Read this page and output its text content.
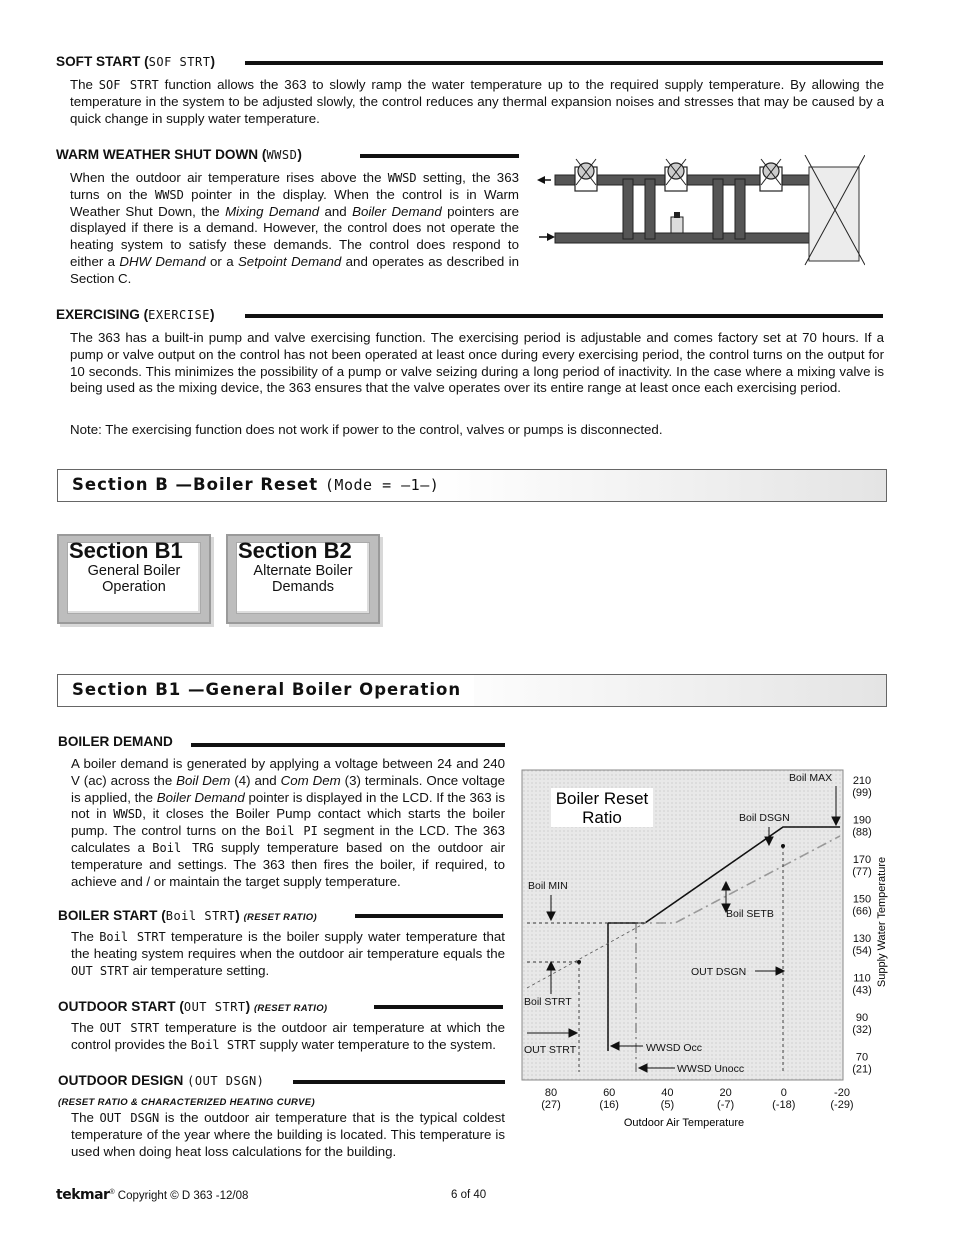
SOFT START (SOF STRT)
The SOF STRT function allows the 363 to slowly ramp the water temperature up to the required supply temperature. By allowing the temperature in the system to be adjusted slowly, the control reduces any thermal expansion noises and stresses that may be caused by a quick change in supply water temperature.
WARM WEATHER SHUT DOWN (WWSD)
When the outdoor air temperature rises above the WWSD setting, the 363 turns on the WWSD pointer in the display. When the control is in Warm Weather Shut Down, the Mixing Demand and Boiler Demand pointers are displayed if there is a demand. However, the control does not operate the heating system to satisfy these demands. The control does respond to either a DHW Demand or a Setpoint Demand and operates as described in Section C.
EXERCISING (EXERCISE)
The 363 has a built-in pump and valve exercising function. The exercising period is adjustable and comes factory set at 70 hours. If a pump or valve output on the control has not been operated at least once during every exercising period, the control turns on the output for 10 seconds. This minimizes the possibility of a pump or valve seizing during a long period of inactivity. In the case where a mixing valve is being used as the mixing device, the 363 ensures that the valve operates over its entire range at least once each exercising period.
Note: The exercising function does not work if power to the control, valves or pumps is disconnected.
Section B —Boiler Reset (Mode = —1—)
Section B1
General Boiler
Operation
Section B2
Alternate Boiler
Demands
Section B1 —General Boiler Operation
BOILER DEMAND
A boiler demand is generated by applying a voltage between 24 and 240 V (ac) across the Boil Dem (4) and Com Dem (3) terminals. Once voltage is applied, the Boiler Demand pointer is displayed in the LCD. If the 363 is not in WWSD, it closes the Boiler Pump contact which starts the boiler pump. The control turns on the Boil PI segment in the LCD. The 363 calculates a Boil TRG supply temperature based on the outdoor air temperature and settings. The 363 then fires the boiler, if required, to achieve and / or maintain the target supply temperature.
BOILER START (Boil STRT) (RESET RATIO)
The Boil STRT temperature is the boiler supply water temperature that the heating system requires when the outdoor air temperature equals the OUT STRT air temperature setting.
OUTDOOR START (OUT STRT) (RESET RATIO)
The OUT STRT temperature is the outdoor air temperature at which the control provides the Boil STRT supply water temperature to the system.
OUTDOOR DESIGN (OUT DSGN)
(RESET RATIO & CHARACTERIZED HEATING CURVE)
The OUT DSGN is the outdoor air temperature that is the typical coldest temperature of the year where the building is located. This temperature is used when doing heat loss calculations for the building.
Boiler Reset
Ratio
Boil MAX
Boil DSGN
Boil MIN
Boil SETB
OUT DSGN
Boil STRT
OUT STRT	WWSD Occ
WWSD Unocc
210
(99)
190
(88)
170
(77)
150
(66)
130
(54)
110
(43)
90
(32)
70
(21)
80
(27)
60
(16)
40
(5)
20
(-7)
0
(-18)
-20
(-29)
Supply Water Temperature
Outdoor Air Temperature
tekmar® Copyright © D 363 -12/08	6 of 40
